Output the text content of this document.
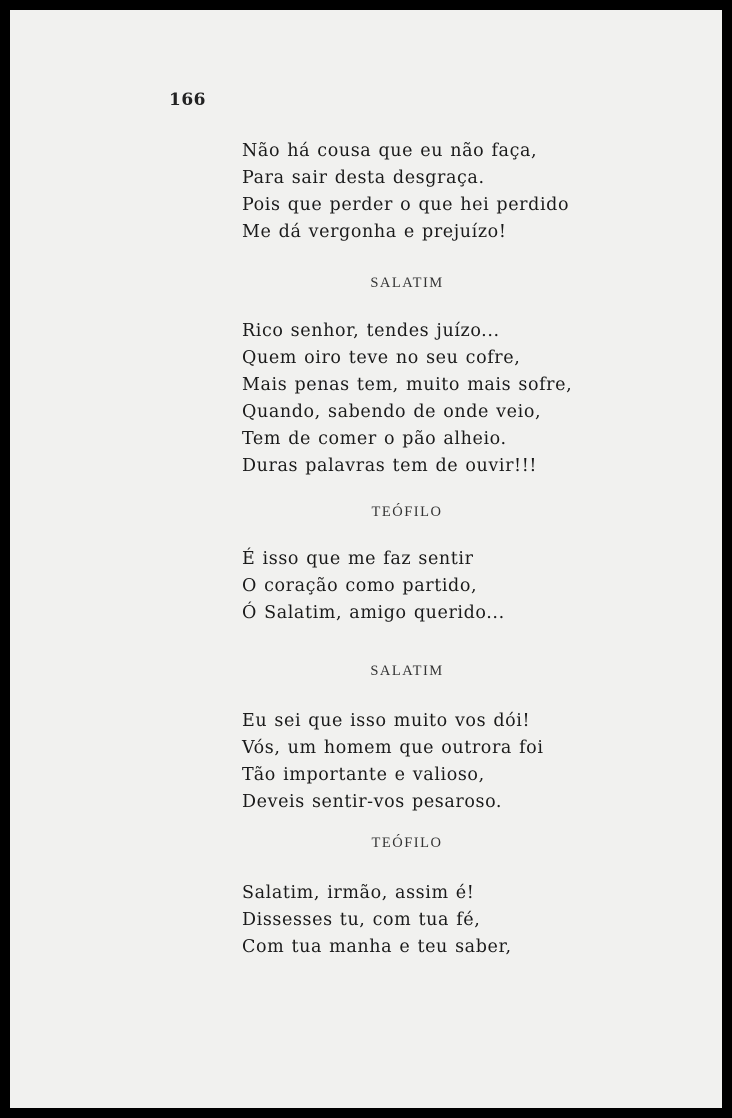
166
Não há cousa que eu não faça,
Para sair desta desgraça.
Pois que perder o que hei perdido
Me dá vergonha e prejuízo!
SALATIM
Rico senhor, tendes juízo...
Quem oiro teve no seu cofre,
Mais penas tem, muito mais sofre,
Quando, sabendo de onde veio,
Tem de comer o pão alheio.
Duras palavras tem de ouvir!!!
TEÓFILO
É isso que me faz sentir
O coração como partido,
Ó Salatim, amigo querido...
SALATIM
Eu sei que isso muito vos dói!
Vós, um homem que outrora foi
Tão importante e valioso,
Deveis sentir-vos pesaroso.
TEÓFILO
Salatim, irmão, assim é!
Dissesses tu, com tua fé,
Com tua manha e teu saber,
